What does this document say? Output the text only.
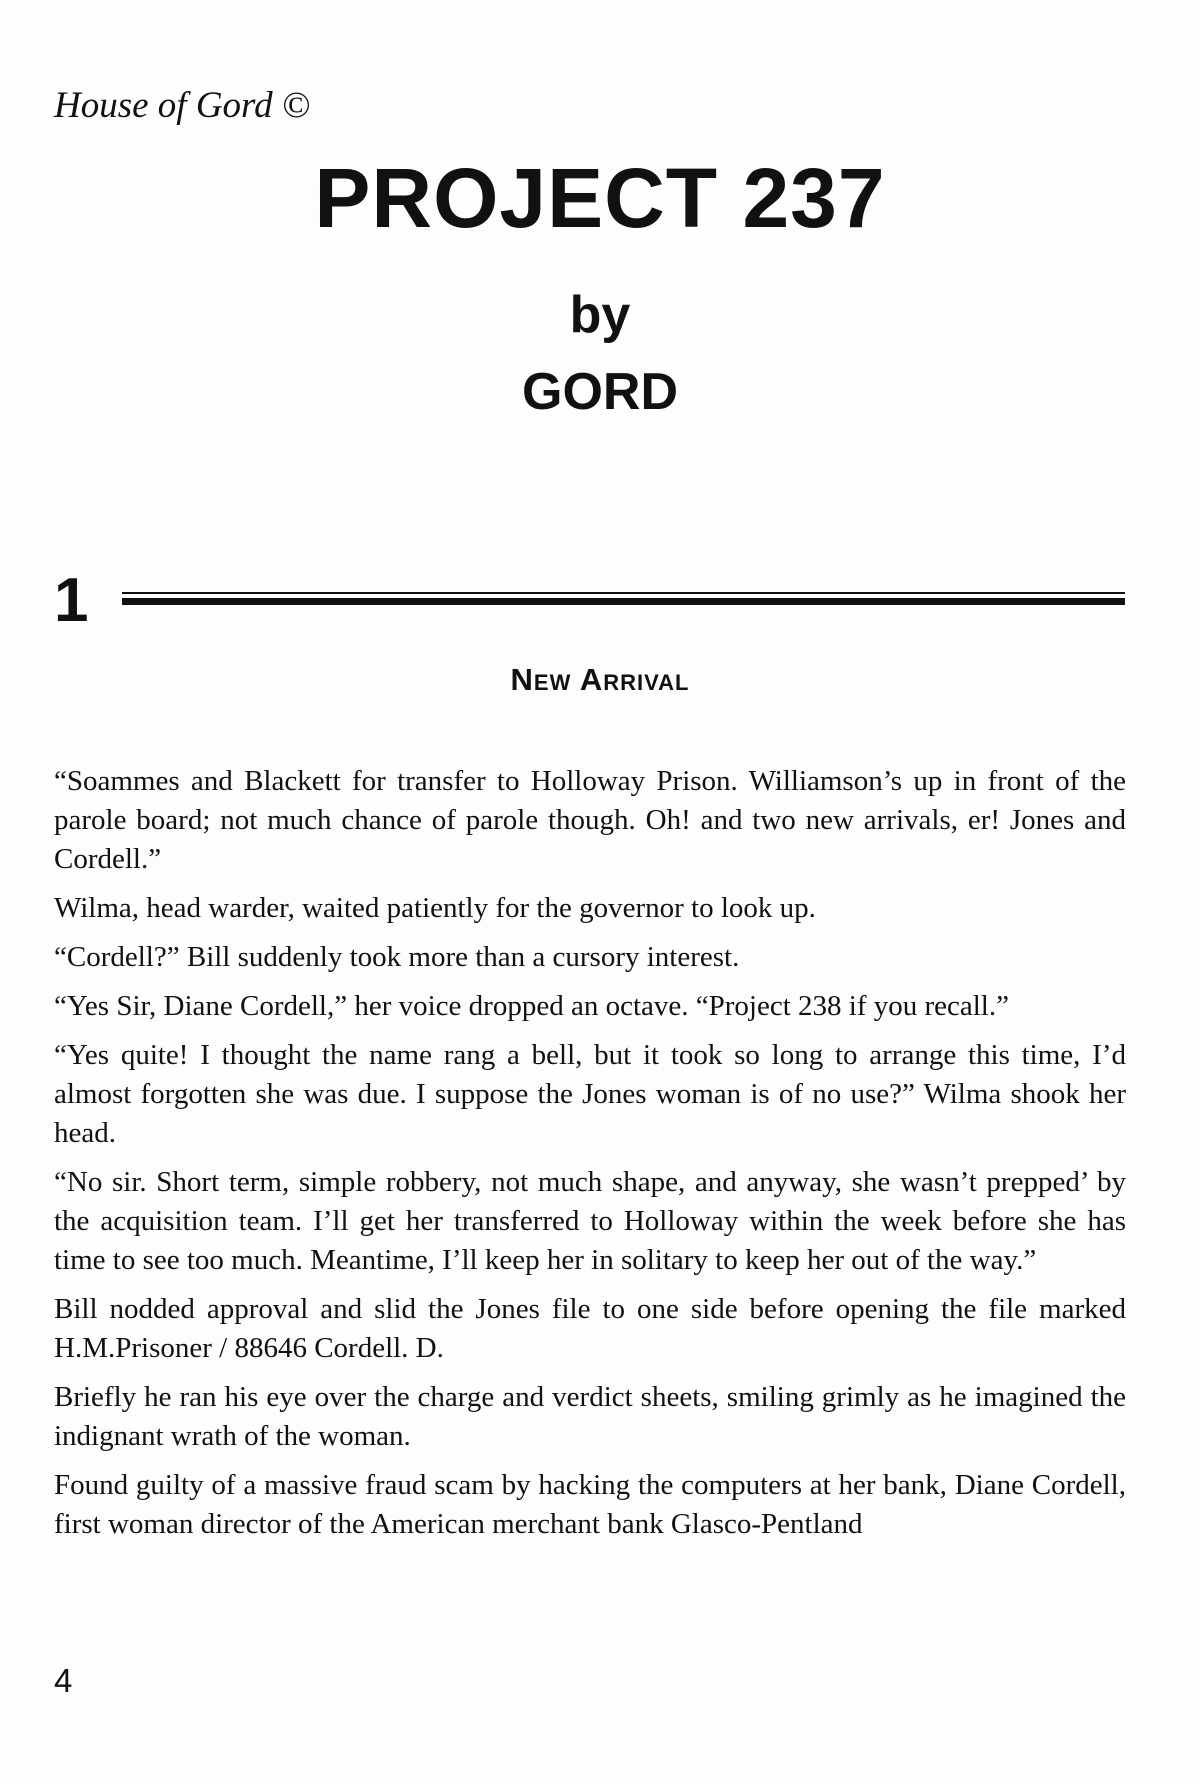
House of Gord ©
PROJECT 237
by
GORD
1
New Arrival

“Soammes and Blackett for transfer to Holloway Prison. Williamson’s up in front of the parole board; not much chance of parole though. Oh! and two new arrivals, er! Jones and Cordell.”

Wilma, head warder, waited patiently for the governor to look up.

“Cordell?” Bill suddenly took more than a cursory interest.

“Yes Sir, Diane Cordell,” her voice dropped an octave. “Project 238 if you recall.”

“Yes quite! I thought the name rang a bell, but it took so long to arrange this time, I’d almost forgotten she was due. I suppose the Jones woman is of no use?” Wilma shook her head.

“No sir. Short term, simple robbery, not much shape, and anyway, she wasn’t prepped’ by the acquisition team. I’ll get her transferred to Holloway within the week before she has time to see too much. Meantime, I’ll keep her in solitary to keep her out of the way.”

Bill nodded approval and slid the Jones file to one side before opening the file marked H.M.Prisoner / 88646 Cordell. D.

Briefly he ran his eye over the charge and verdict sheets, smiling grimly as he imagined the indignant wrath of the woman.

Found guilty of a massive fraud scam by hacking the computers at her bank, Diane Cordell, first woman director of the American merchant bank Glasco-Pentland

4
